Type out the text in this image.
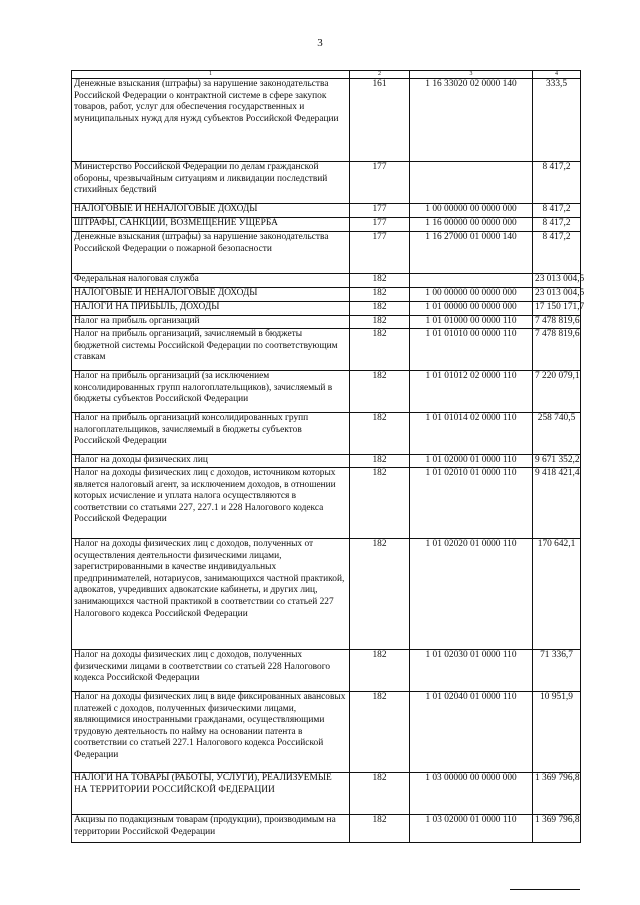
3
1	2	3	4
Денежные взыскания (штрафы) за нарушение законодательства Российской Федерации о контрактной системе в сфере закупок товаров, работ, услуг для обеспечения государственных и муниципальных нужд для нужд субъектов Российской Федерации	161	1 16 33020 02 0000 140	333,5
Министерство Российской Федерации по делам гражданской обороны, чрезвычайным ситуациям и ликвидации последствий стихийных бедствий	177		8 417,2
НАЛОГОВЫЕ И НЕНАЛОГОВЫЕ ДОХОДЫ	177	1 00 00000 00 0000 000	8 417,2
ШТРАФЫ, САНКЦИИ, ВОЗМЕЩЕНИЕ УЩЕРБА	177	1 16 00000 00 0000 000	8 417,2
Денежные взыскания (штрафы) за нарушение законодательства Российской Федерации о пожарной безопасности	177	1 16 27000 01 0000 140	8 417,2
Федеральная налоговая служба	182		23 013 004,5
НАЛОГОВЫЕ И НЕНАЛОГОВЫЕ ДОХОДЫ	182	1 00 00000 00 0000 000	23 013 004,5
НАЛОГИ НА ПРИБЫЛЬ, ДОХОДЫ	182	1 01 00000 00 0000 000	17 150 171,7
Налог на прибыль организаций	182	1 01 01000 00 0000 110	7 478 819,6
Налог на прибыль организаций, зачисляемый в бюджеты бюджетной системы Российской Федерации по соответствующим ставкам	182	1 01 01010 00 0000 110	7 478 819,6
Налог на прибыль организаций (за исключением консолидированных групп налогоплательщиков), зачисляемый в бюджеты субъектов Российской Федерации	182	1 01 01012 02 0000 110	7 220 079,1
Налог на прибыль организаций консолидированных групп налогоплательщиков, зачисляемый в бюджеты субъектов Российской Федерации	182	1 01 01014 02 0000 110	258 740,5
Налог на доходы физических лиц	182	1 01 02000 01 0000 110	9 671 352,2
Налог на доходы физических лиц с доходов, источником которых является налоговый агент, за исключением доходов, в отношении которых исчисление и уплата налога осуществляются в соответствии со статьями 227, 227.1 и 228 Налогового кодекса Российской Федерации	182	1 01 02010 01 0000 110	9 418 421,4
Налог на доходы физических лиц с доходов, полученных от осуществления деятельности физическими лицами, зарегистрированными в качестве индивидуальных предпринимателей, нотариусов, занимающихся частной практикой, адвокатов, учредивших адвокатские кабинеты, и других лиц, занимающихся частной практикой в соответствии со статьей 227 Налогового кодекса Российской Федерации	182	1 01 02020 01 0000 110	170 642,1
Налог на доходы физических лиц с доходов, полученных физическими лицами в соответствии со статьей 228 Налогового кодекса Российской Федерации	182	1 01 02030 01 0000 110	71 336,7
Налог на доходы физических лиц в виде фиксированных авансовых платежей с доходов, полученных физическими лицами, являющимися иностранными гражданами, осуществляющими трудовую деятельность по найму на основании патента в соответствии со статьей 227.1 Налогового кодекса Российской Федерации	182	1 01 02040 01 0000 110	10 951,9
НАЛОГИ НА ТОВАРЫ (РАБОТЫ, УСЛУГИ), РЕАЛИЗУЕМЫЕ НА ТЕРРИТОРИИ РОССИЙСКОЙ ФЕДЕРАЦИИ	182	1 03 00000 00 0000 000	1 369 796,8
Акцизы по подакцизным товарам (продукции), производимым на территории Российской Федерации	182	1 03 02000 01 0000 110	1 369 796,8
